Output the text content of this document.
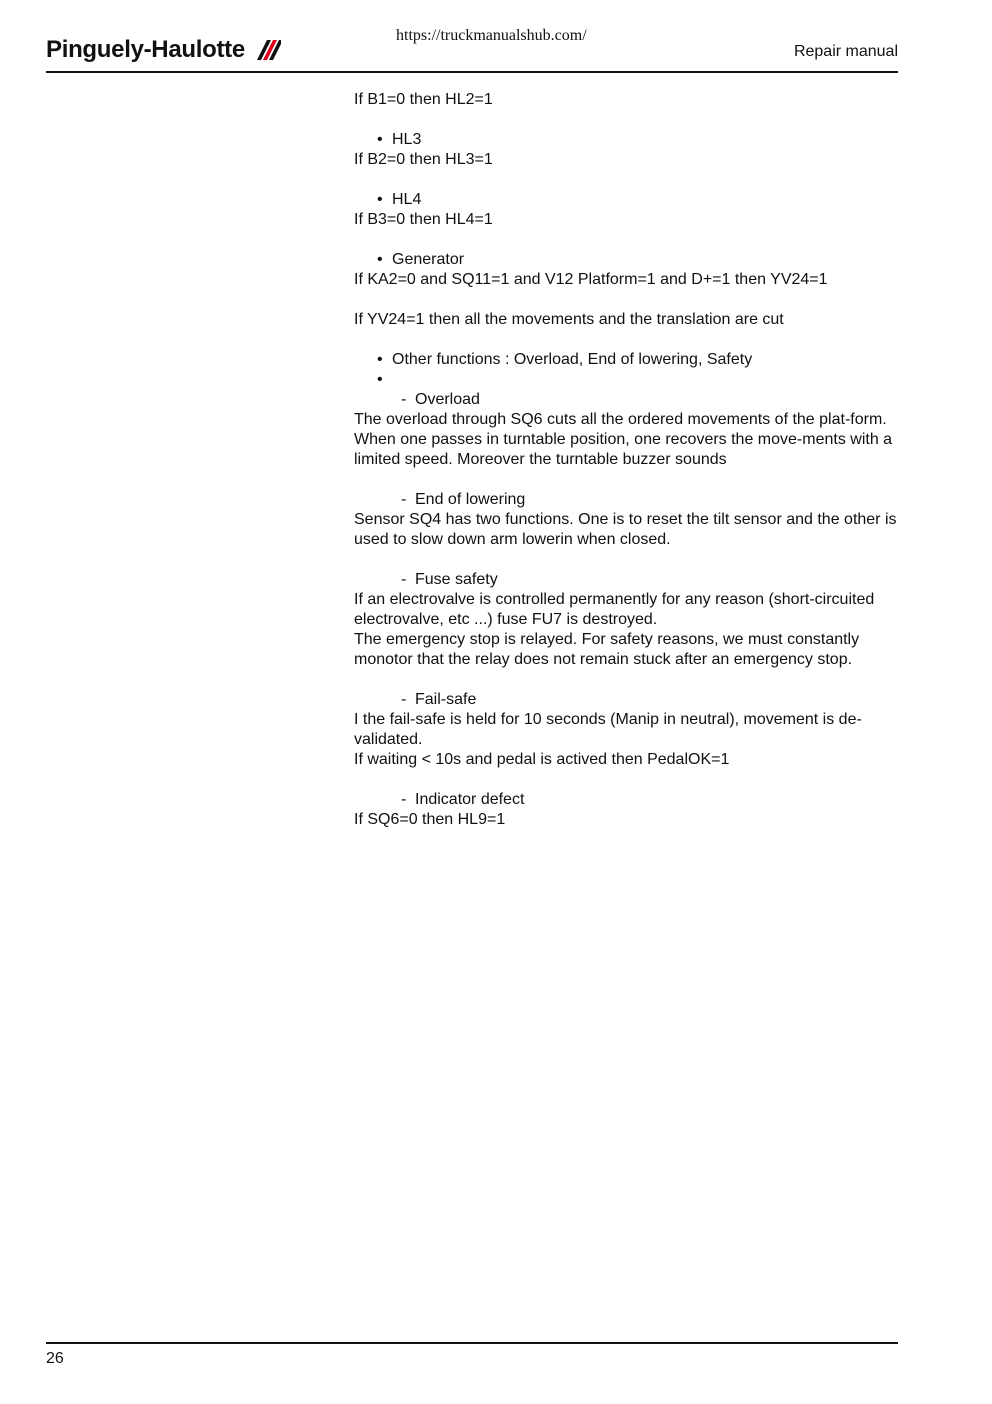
Pinguely-Haulotte
https://truckmanualshub.com/
Repair manual

If B1=0 then HL2=1

• HL3

If B2=0 then HL3=1

• HL4

If B3=0 then HL4=1

• Generator

If KA2=0 and SQ11=1 and V12 Platform=1 and D+=1 then YV24=1

If YV24=1 then all the movements and the translation are cut

• Other functions : Overload, End of lowering, Safety

•

- Overload

The overload through SQ6 cuts all the ordered movements of the plat-form. When one passes in turntable position, one recovers the move-ments with a limited speed. Moreover the turntable buzzer sounds

- End of lowering

Sensor SQ4 has two functions. One is to reset the tilt sensor and the other is used to slow down arm lowerin when closed.

- Fuse safety

If an electrovalve is controlled permanently for any reason (short-circuited electrovalve, etc ...) fuse FU7 is destroyed.

The emergency stop is relayed. For safety reasons, we must constantly monotor that the relay does not remain stuck after an emergency stop.

- Fail-safe

I the fail-safe is held for 10 seconds (Manip in neutral), movement is de-validated.

If waiting < 10s and pedal is actived then PedalOK=1

- Indicator defect

If SQ6=0 then HL9=1

26
